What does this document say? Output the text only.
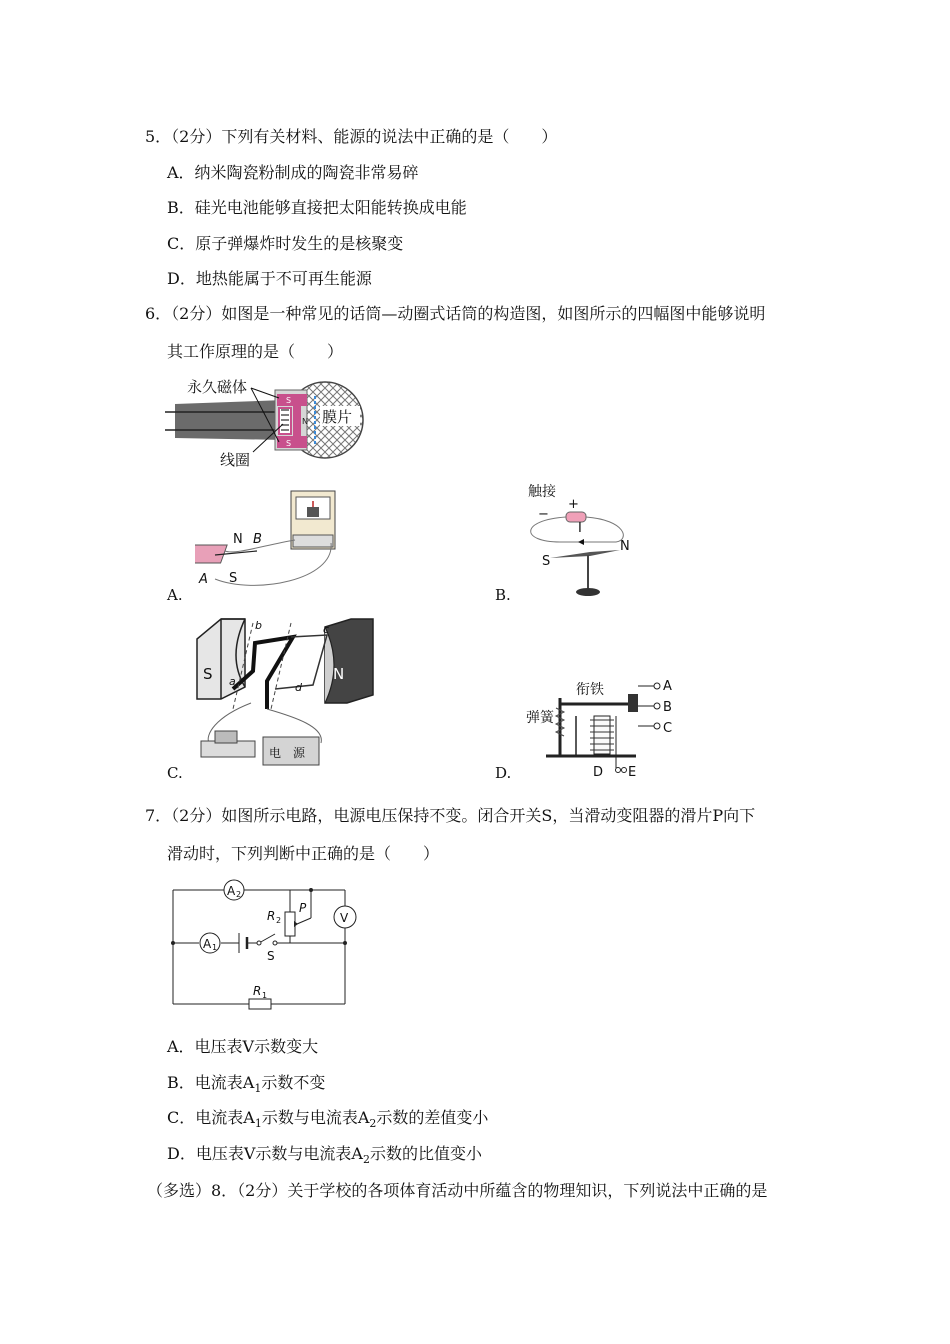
5．（2分）下列有关材料、能源的说法中正确的是（　　）
A．纳米陶瓷粉制成的陶瓷非常易碎
B．硅光电池能够直接把太阳能转换成电能
C．原子弹爆炸时发生的是核聚变
D．地热能属于不可再生能源
6．（2分）如图是一种常见的话筒—动圈式话筒的构造图，如图所示的四幅图中能够说明
其工作原理的是（　　）
S
N
S
膜片
永久磁体
线圈
A.
N B
A S
B.
触接
+
−
I
S
N
C.
S	N
a
b	c
d
电　源
D.
衔铁
弹簧
A
B
C
D E
7．（2分）如图所示电路，电源电压保持不变。闭合开关S，当滑动变阻器的滑片P向下
滑动时，下列判断中正确的是（　　）
A 2
A 1
V
R 2
P
S
R 1
A．电压表V示数变大
B．电流表$A_1$示数不变
C．电流表$A_1$示数与电流表$A_2$示数的差值变小
D．电压表V示数与电流表$A_2$示数的比值变小
（多选）8．（2分）关于学校的各项体育活动中所蕴含的物理知识，下列说法中正确的是
